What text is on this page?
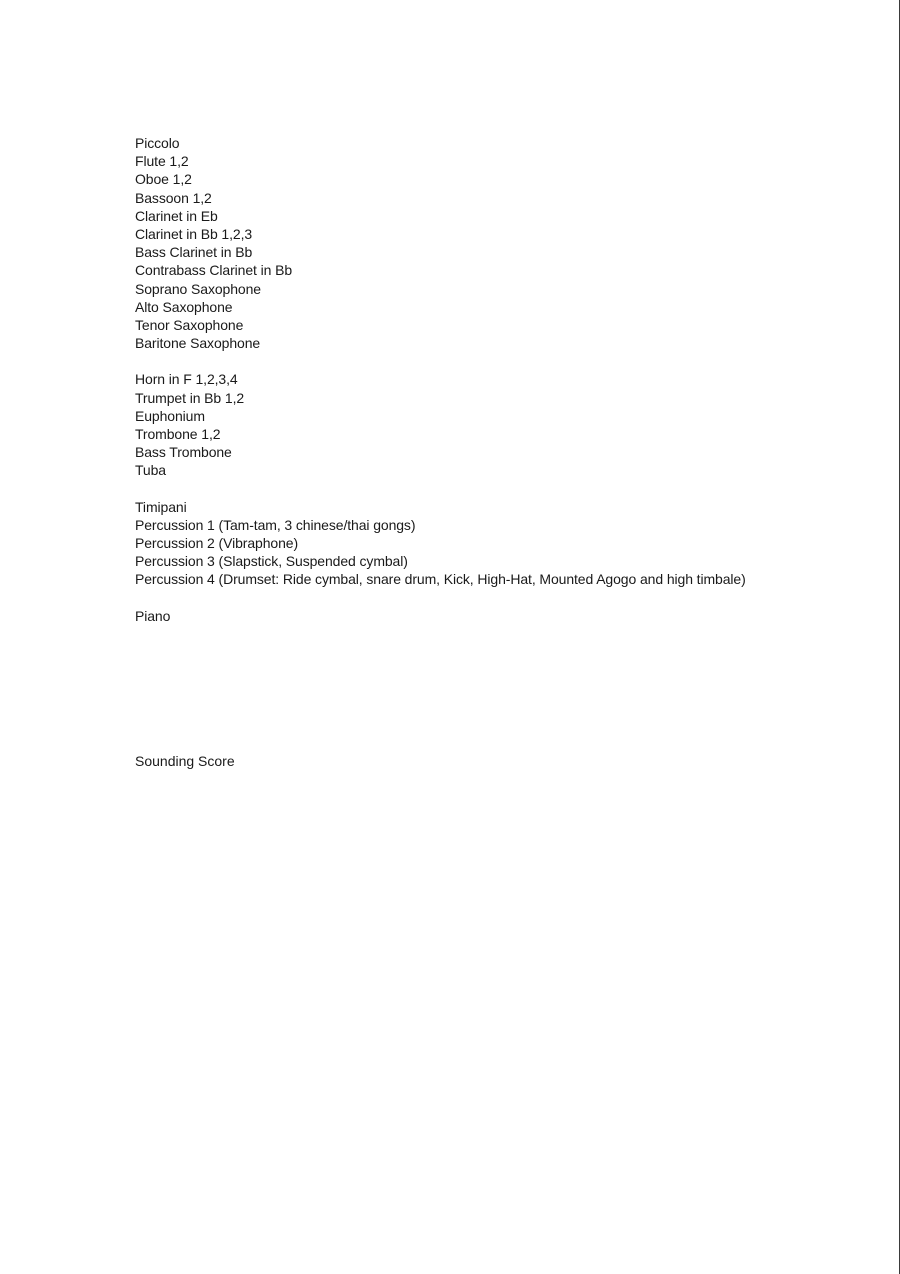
Piccolo
Flute 1,2
Oboe 1,2
Bassoon 1,2
Clarinet in Eb
Clarinet in Bb 1,2,3
Bass Clarinet in Bb
Contrabass Clarinet in Bb
Soprano Saxophone
Alto Saxophone
Tenor Saxophone
Baritone Saxophone
Horn in F 1,2,3,4
Trumpet in Bb 1,2
Euphonium
Trombone 1,2
Bass Trombone
Tuba
Timipani
Percussion 1 (Tam-tam, 3 chinese/thai gongs)
Percussion 2 (Vibraphone)
Percussion 3 (Slapstick, Suspended cymbal)
Percussion 4 (Drumset: Ride cymbal, snare drum, Kick, High-Hat, Mounted Agogo and high timbale)
Piano
Sounding Score
